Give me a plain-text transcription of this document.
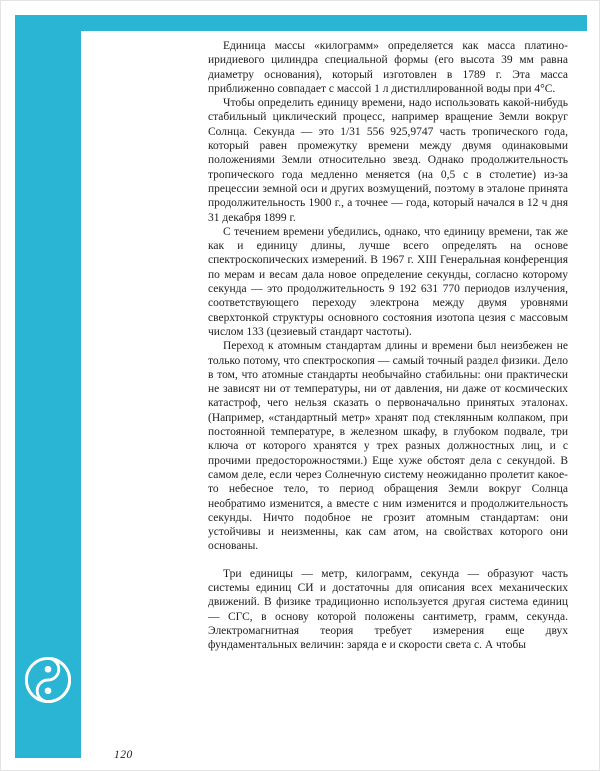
Единица массы «килограмм» определяется как масса платино-иридиевого цилиндра специальной формы (его высота 39 мм равна диаметру основания), который изготовлен в 1789 г. Эта масса приближенно совпадает с массой 1 л дистиллированной воды при 4°С.

Чтобы определить единицу времени, надо использовать какой-нибудь стабильный циклический процесс, например вращение Земли вокруг Солнца. Секунда — это 1/31 556 925,9747 часть тропического года, который равен промежутку времени между двумя одинаковыми положениями Земли относительно звезд. Однако продолжительность тропического года медленно меняется (на 0,5 с в столетие) из-за прецессии земной оси и других возмущений, поэтому в эталоне принята продолжительность 1900 г., а точнее — года, который начался в 12 ч дня 31 декабря 1899 г.

С течением времени убедились, однако, что единицу времени, так же как и единицу длины, лучше всего определять на основе спектроскопических измерений. В 1967 г. XIII Генеральная конференция по мерам и весам дала новое определение секунды, согласно которому секунда — это продолжительность 9 192 631 770 периодов излучения, соответствующего переходу электрона между двумя уровнями сверхтонкой структуры основного состояния изотопа цезия с массовым числом 133 (цезиевый стандарт частоты).

Переход к атомным стандартам длины и времени был неизбежен не только потому, что спектроскопия — самый точный раздел физики. Дело в том, что атомные стандарты необычайно стабильны: они практически не зависят ни от температуры, ни от давления, ни даже от космических катастроф, чего нельзя сказать о первоначально принятых эталонах. (Например, «стандартный метр» хранят под стеклянным колпаком, при постоянной температуре, в железном шкафу, в глубоком подвале, три ключа от которого хранятся у трех разных должностных лиц, и с прочими предосторожностями.) Еще хуже обстоят дела с секундой. В самом деле, если через Солнечную систему неожиданно пролетит какое-то небесное тело, то период обращения Земли вокруг Солнца необратимо изменится, а вместе с ним изменится и продолжительность секунды. Ничто подобное не грозит атомным стандартам: они устойчивы и неизменны, как сам атом, на свойствах которого они основаны.

Три единицы — метр, килограмм, секунда — образуют часть системы единиц СИ и достаточны для описания всех механических движений. В физике традиционно используется другая система единиц — СГС, в основу которой положены сантиметр, грамм, секунда. Электромагнитная теория требует измерения еще двух фундаментальных величин: заряда e и скорости света c. А чтобы

120
